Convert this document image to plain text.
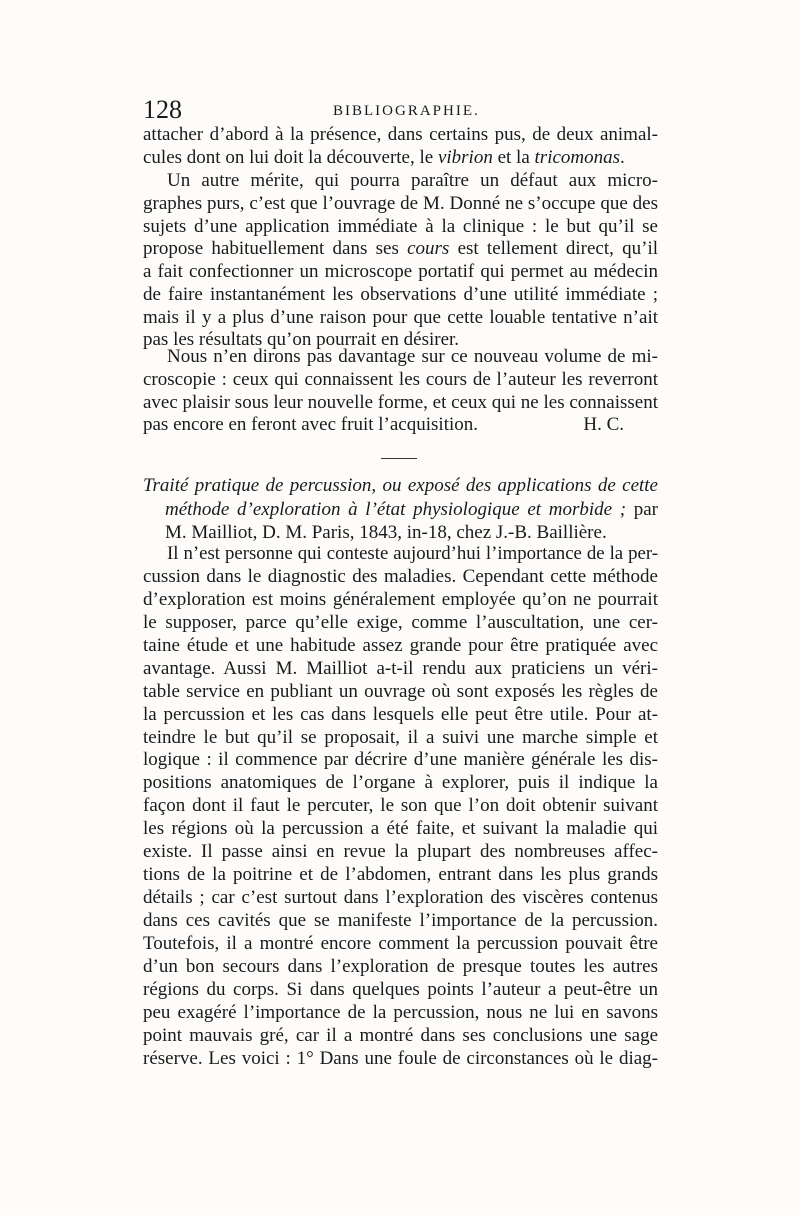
128	BIBLIOGRAPHIE.
attacher d’abord à la présence, dans certains pus, de deux animal-
cules dont on lui doit la découverte, le vibrion et la tricomonas.
Un autre mérite, qui pourra paraître un défaut aux micro-
graphes purs, c’est que l’ouvrage de M. Donné ne s’occupe que des
sujets d’une application immédiate à la clinique : le but qu’il se
propose habituellement dans ses cours est tellement direct, qu’il
a fait confectionner un microscope portatif qui permet au médecin
de faire instantanément les observations d’une utilité immédiate ;
mais il y a plus d’une raison pour que cette louable tentative n’ait
pas les résultats qu’on pourrait en désirer.
Nous n’en dirons pas davantage sur ce nouveau volume de mi-
croscopie : ceux qui connaissent les cours de l’auteur les reverront
avec plaisir sous leur nouvelle forme, et ceux qui ne les connaissent
pas encore en feront avec fruit l’acquisition.	H. C.
Traité pratique de percussion, ou exposé des applications de cette
méthode d’exploration à l’état physiologique et morbide ; par
M. Mailliot, D. M. Paris, 1843, in-18, chez J.-B. Baillière.
Il n’est personne qui conteste aujourd’hui l’importance de la per-
cussion dans le diagnostic des maladies. Cependant cette méthode
d’exploration est moins généralement employée qu’on ne pourrait
le supposer, parce qu’elle exige, comme l’auscultation, une cer-
taine étude et une habitude assez grande pour être pratiquée avec
avantage. Aussi M. Mailliot a-t-il rendu aux praticiens un véri-
table service en publiant un ouvrage où sont exposés les règles de
la percussion et les cas dans lesquels elle peut être utile. Pour at-
teindre le but qu’il se proposait, il a suivi une marche simple et
logique : il commence par décrire d’une manière générale les dis-
positions anatomiques de l’organe à explorer, puis il indique la
façon dont il faut le percuter, le son que l’on doit obtenir suivant
les régions où la percussion a été faite, et suivant la maladie qui
existe. Il passe ainsi en revue la plupart des nombreuses affec-
tions de la poitrine et de l’abdomen, entrant dans les plus grands
détails ; car c’est surtout dans l’exploration des viscères contenus
dans ces cavités que se manifeste l’importance de la percussion.
Toutefois, il a montré encore comment la percussion pouvait être
d’un bon secours dans l’exploration de presque toutes les autres
régions du corps. Si dans quelques points l’auteur a peut-être un
peu exagéré l’importance de la percussion, nous ne lui en savons
point mauvais gré, car il a montré dans ses conclusions une sage
réserve. Les voici : 1° Dans une foule de circonstances où le diag-
